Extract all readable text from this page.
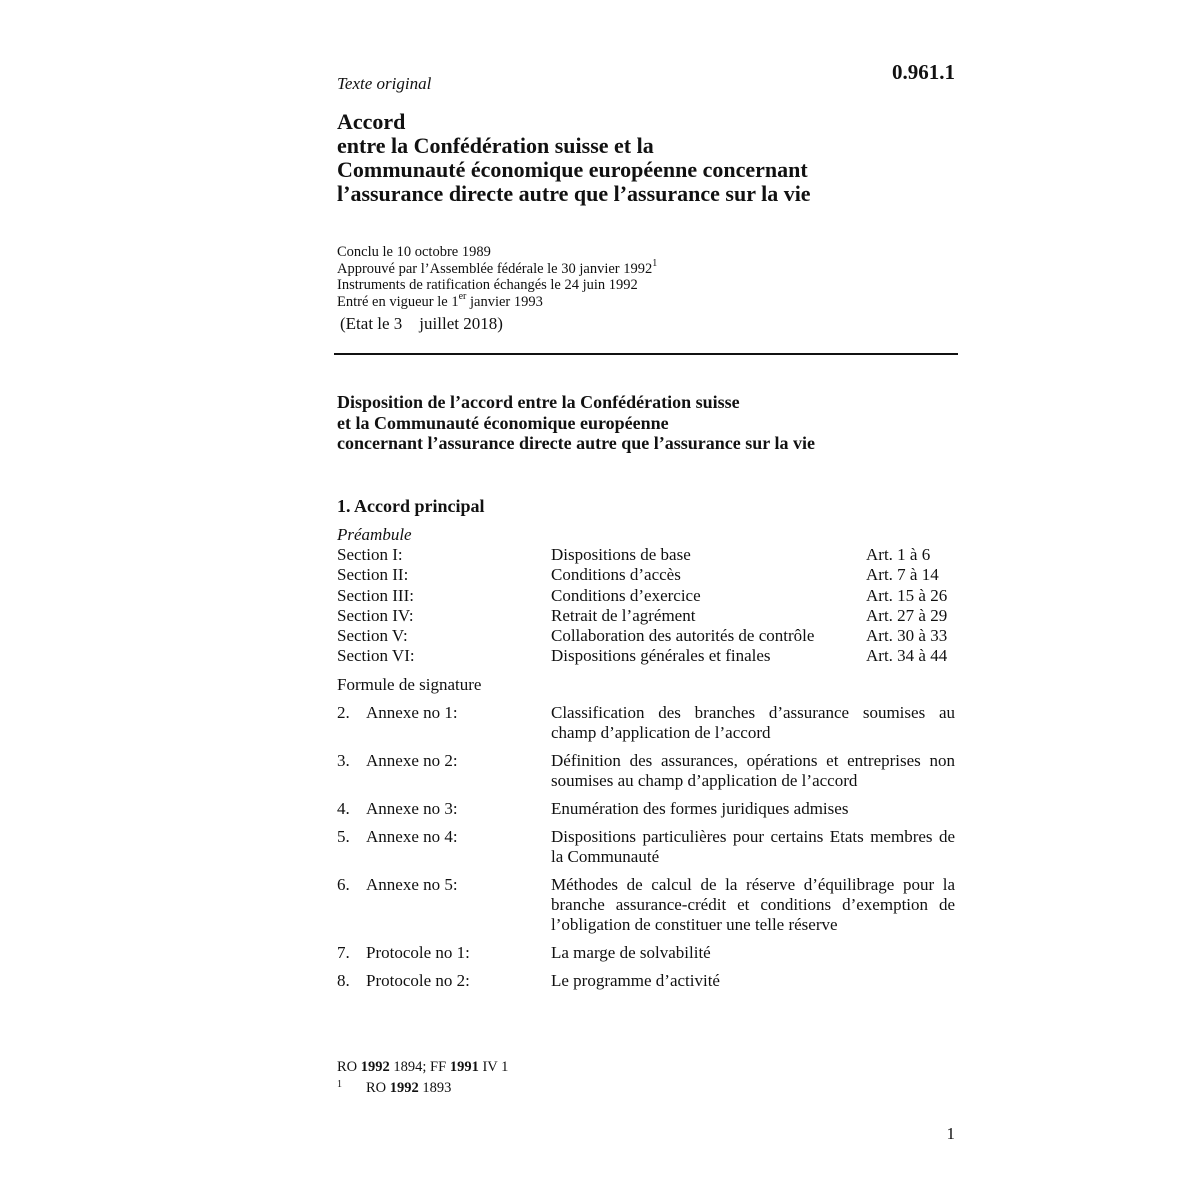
Texte original	0.961.1
Accord
entre la Confédération suisse et la
Communauté économique européenne concernant
l’assurance directe autre que l’assurance sur la vie
Conclu le 10 octobre 1989
Approuvé par l’Assemblée fédérale le 30 janvier 1992$^1$
Instruments de ratification échangés le 24 juin 1992
Entré en vigueur le 1er janvier 1993
(Etat le 3    juillet 2018)
Disposition de l’accord entre la Confédération suisse
et la Communauté économique européenne
concernant l’assurance directe autre que l’assurance sur la vie
1. Accord principal
Préambule
Section I:	Dispositions de base	Art. 1 à 6
Section II:	Conditions d’accès	Art. 7 à 14
Section III:	Conditions d’exercice	Art. 15 à 26
Section IV:	Retrait de l’agrément	Art. 27 à 29
Section V:	Collaboration des autorités de contrôle	Art. 30 à 33
Section VI:	Dispositions générales et finales	Art. 34 à 44
Formule de signature
2. Annexe no 1:	Classification des branches d’assurance soumises au champ d’application de l’accord
3. Annexe no 2:	Définition des assurances, opérations et entreprises non soumises au champ d’application de l’accord
4. Annexe no 3:	Enumération des formes juridiques admises
5. Annexe no 4:	Dispositions particulières pour certains Etats membres de la Communauté
6. Annexe no 5:	Méthodes de calcul de la réserve d’équilibrage pour la branche assurance-crédit et conditions d’exemption de l’obligation de constituer une telle réserve
7. Protocole no 1:	La marge de solvabilité
8. Protocole no 2:	Le programme d’activité
RO 1992 1894; FF 1991 IV 1
$^1$ RO 1992 1893
1
